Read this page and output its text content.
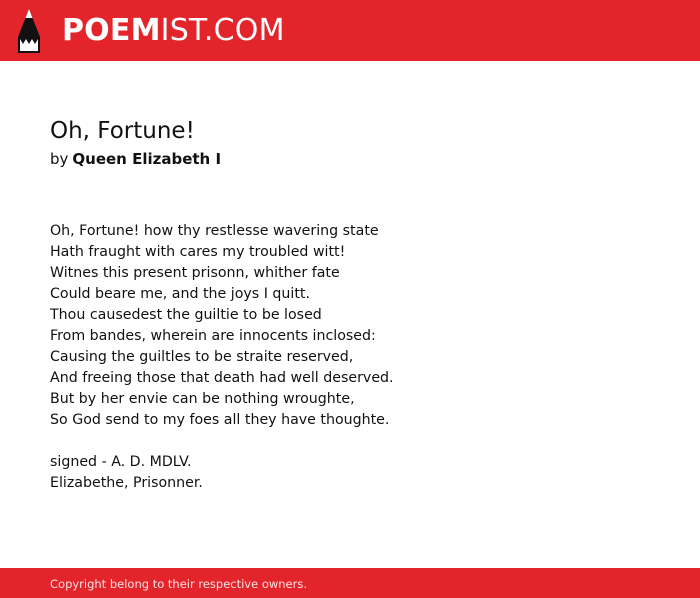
POEMIST.COM
Oh, Fortune!
by Queen Elizabeth I
Oh, Fortune! how thy restlesse wavering state
Hath fraught with cares my troubled witt!
Witnes this present prisonn, whither fate
Could beare me, and the joys I quitt.
Thou causedest the guiltie to be losed
From bandes, wherein are innocents inclosed:
Causing the guiltles to be straite reserved,
And freeing those that death had well deserved.
But by her envie can be nothing wroughte,
So God send to my foes all they have thoughte.
signed - A. D. MDLV.
Elizabethe, Prisonner.
Copyright belong to their respective owners.
